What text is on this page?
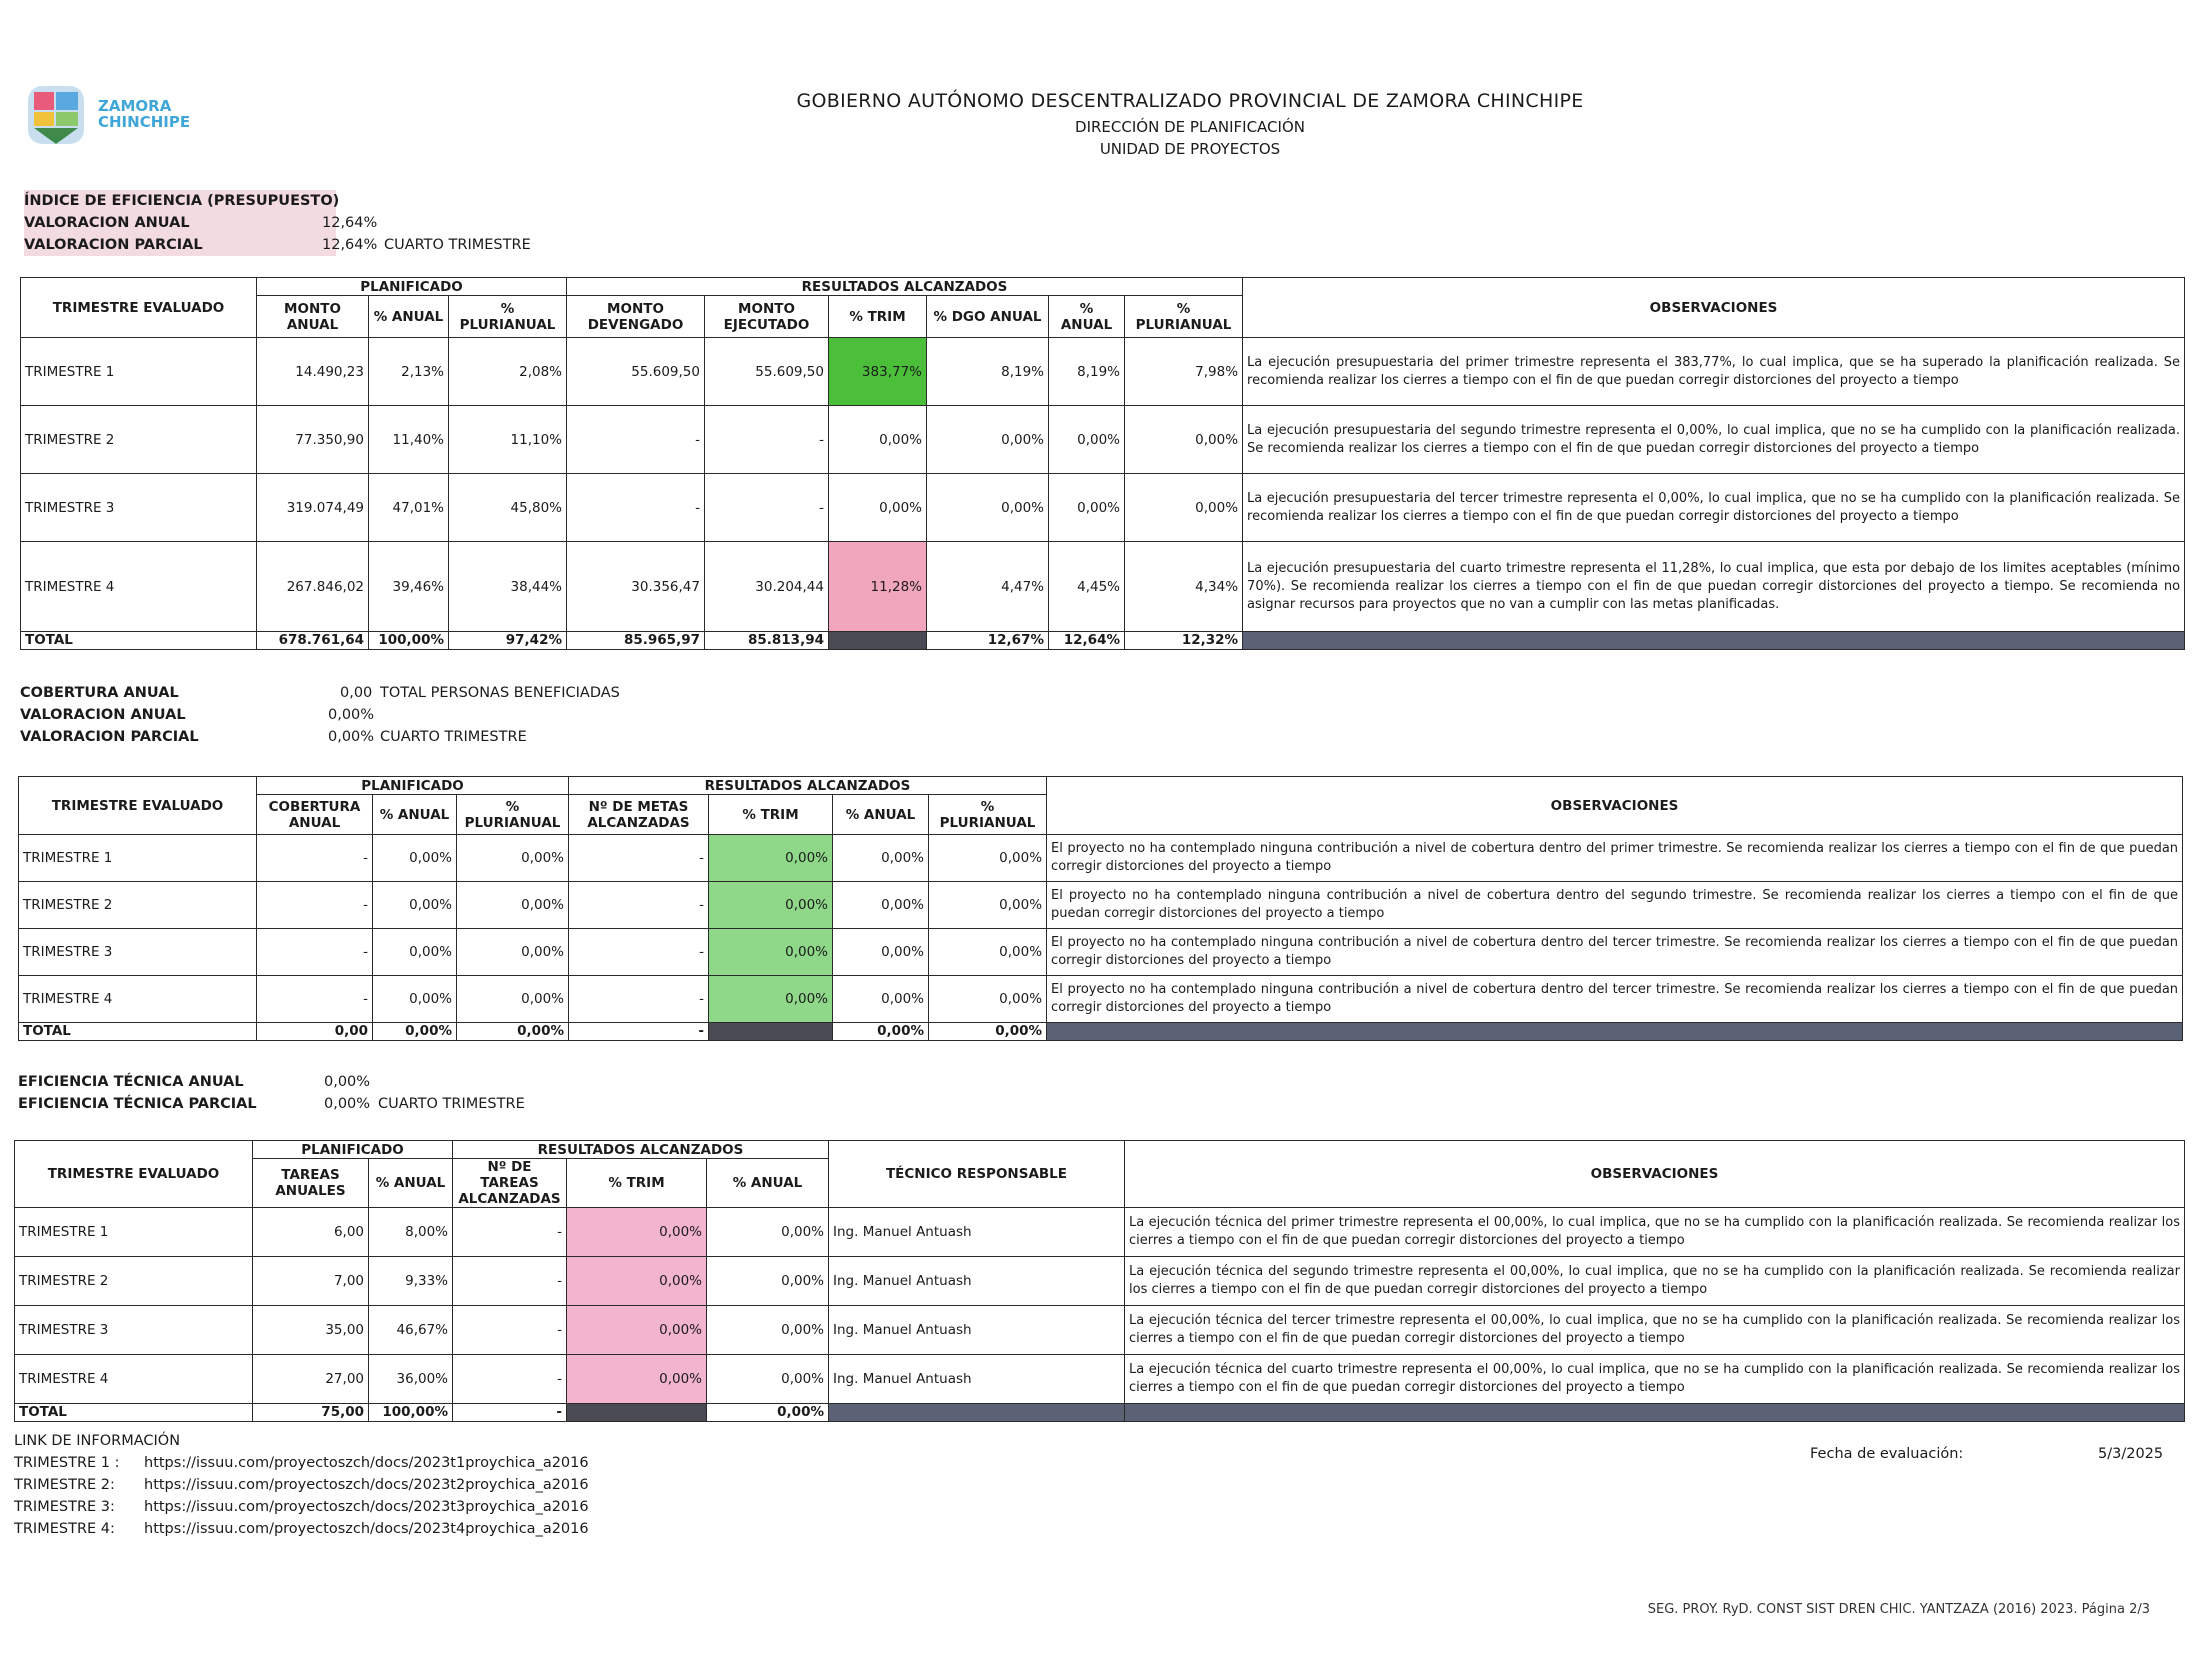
ZAMORA
CHINCHIPE
GOBIERNO AUTÓNOMO DESCENTRALIZADO PROVINCIAL DE ZAMORA CHINCHIPE
DIRECCIÓN DE PLANIFICACIÓN
UNIDAD DE PROYECTOS
ÍNDICE DE EFICIENCIA (PRESUPUESTO)
VALORACION ANUAL	12,64%
VALORACION PARCIAL	12,64% CUARTO TRIMESTRE
TRIMESTRE EVALUADO	PLANIFICADO			RESULTADOS ALCANZADOS						OBSERVACIONES
	MONTO ANUAL	% ANUAL	% PLURIANUAL	MONTO DEVENGADO	MONTO EJECUTADO	% TRIM	% DGO ANUAL	% ANUAL	% PLURIANUAL	
TRIMESTRE 1	14.490,23	2,13%	2,08%	55.609,50	55.609,50	383,77%	8,19%	8,19%	7,98%	La ejecución presupuestaria del primer trimestre representa el 383,77%, lo cual implica, que se ha superado la planificación realizada. Se recomienda realizar los cierres a tiempo con el fin de que puedan corregir distorciones del proyecto a tiempo
TRIMESTRE 2	77.350,90	11,40%	11,10%	-	-	0,00%	0,00%	0,00%	0,00%	La ejecución presupuestaria del segundo trimestre representa el 0,00%, lo cual implica, que no se ha cumplido con la planificación realizada. Se recomienda realizar los cierres a tiempo con el fin de que puedan corregir distorciones del proyecto a tiempo
TRIMESTRE 3	319.074,49	47,01%	45,80%	-	-	0,00%	0,00%	0,00%	0,00%	La ejecución presupuestaria del tercer trimestre representa el 0,00%, lo cual implica, que no se ha cumplido con la planificación realizada. Se recomienda realizar los cierres a tiempo con el fin de que puedan corregir distorciones del proyecto a tiempo
TRIMESTRE 4	267.846,02	39,46%	38,44%	30.356,47	30.204,44	11,28%	4,47%	4,45%	4,34%	La ejecución presupuestaria del cuarto trimestre representa el 11,28%, lo cual implica, que esta por debajo de los limites aceptables (mínimo 70%). Se recomienda realizar los cierres a tiempo con el fin de que puedan corregir distorciones del proyecto a tiempo. Se recomienda no asignar recursos para proyectos que no van a cumplir con las metas planificadas.
TOTAL	678.761,64	100,00%	97,42%	85.965,97	85.813,94		12,67%	12,64%	12,32%	
COBERTURA ANUAL	0,00 TOTAL PERSONAS BENEFICIADAS
VALORACION ANUAL	0,00%
VALORACION PARCIAL	0,00% CUARTO TRIMESTRE
TRIMESTRE EVALUADO	PLANIFICADO			RESULTADOS ALCANZADOS				OBSERVACIONES
	COBERTURA ANUAL	% ANUAL	% PLURIANUAL	Nº DE METAS ALCANZADAS	% TRIM	% ANUAL	% PLURIANUAL	
TRIMESTRE 1	-	0,00%	0,00%	-	0,00%	0,00%	0,00%	El proyecto no ha contemplado ninguna contribución a nivel de cobertura dentro del primer trimestre. Se recomienda realizar los cierres a tiempo con el fin de que puedan corregir distorciones del proyecto a tiempo
TRIMESTRE 2	-	0,00%	0,00%	-	0,00%	0,00%	0,00%	El proyecto no ha contemplado ninguna contribución a nivel de cobertura dentro del segundo trimestre. Se recomienda realizar los cierres a tiempo con el fin de que puedan corregir distorciones del proyecto a tiempo
TRIMESTRE 3	-	0,00%	0,00%	-	0,00%	0,00%	0,00%	El proyecto no ha contemplado ninguna contribución a nivel de cobertura dentro del tercer trimestre. Se recomienda realizar los cierres a tiempo con el fin de que puedan corregir distorciones del proyecto a tiempo
TRIMESTRE 4	-	0,00%	0,00%	-	0,00%	0,00%	0,00%	El proyecto no ha contemplado ninguna contribución a nivel de cobertura dentro del tercer trimestre. Se recomienda realizar los cierres a tiempo con el fin de que puedan corregir distorciones del proyecto a tiempo
TOTAL	0,00	0,00%	0,00%	-		0,00%	0,00%	
EFICIENCIA TÉCNICA ANUAL	0,00%
EFICIENCIA TÉCNICA PARCIAL	0,00% CUARTO TRIMESTRE
TRIMESTRE EVALUADO	PLANIFICADO		RESULTADOS ALCANZADOS			TÉCNICO RESPONSABLE	OBSERVACIONES
	TAREAS ANUALES	% ANUAL	Nº DE TAREAS ALCANZADAS	% TRIM	% ANUAL		
TRIMESTRE 1	6,00	8,00%	-	0,00%	0,00%	Ing. Manuel Antuash	La ejecución técnica del primer trimestre representa el 00,00%, lo cual implica, que no se ha cumplido con la planificación realizada. Se recomienda realizar los cierres a tiempo con el fin de que puedan corregir distorciones del proyecto a tiempo
TRIMESTRE 2	7,00	9,33%	-	0,00%	0,00%	Ing. Manuel Antuash	La ejecución técnica del segundo trimestre representa el 00,00%, lo cual implica, que no se ha cumplido con la planificación realizada. Se recomienda realizar los cierres a tiempo con el fin de que puedan corregir distorciones del proyecto a tiempo
TRIMESTRE 3	35,00	46,67%	-	0,00%	0,00%	Ing. Manuel Antuash	La ejecución técnica del tercer trimestre representa el 00,00%, lo cual implica, que no se ha cumplido con la planificación realizada. Se recomienda realizar los cierres a tiempo con el fin de que puedan corregir distorciones del proyecto a tiempo
TRIMESTRE 4	27,00	36,00%	-	0,00%	0,00%	Ing. Manuel Antuash	La ejecución técnica del cuarto trimestre representa el 00,00%, lo cual implica, que no se ha cumplido con la planificación realizada. Se recomienda realizar los cierres a tiempo con el fin de que puedan corregir distorciones del proyecto a tiempo
TOTAL	75,00	100,00%	-		0,00%		
LINK DE INFORMACIÓN
TRIMESTRE 1 : https://issuu.com/proyectoszch/docs/2023t1proychica_a2016
TRIMESTRE 2: https://issuu.com/proyectoszch/docs/2023t2proychica_a2016
TRIMESTRE 3: https://issuu.com/proyectoszch/docs/2023t3proychica_a2016
TRIMESTRE 4: https://issuu.com/proyectoszch/docs/2023t4proychica_a2016
Fecha de evaluación:	5/3/2025
SEG. PROY. RyD. CONST SIST DREN CHIC. YANTZAZA (2016) 2023. Página 2/3
